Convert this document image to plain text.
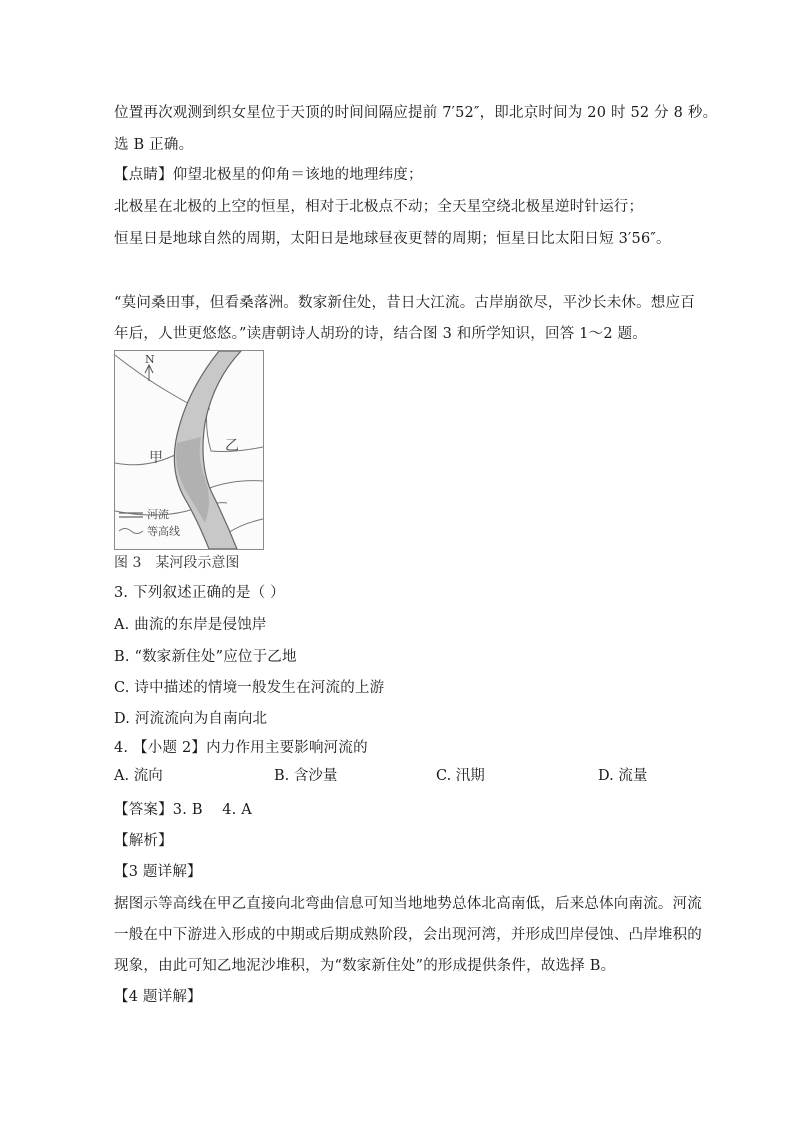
位置再次观测到织女星位于天顶的时间间隔应提前 7′52″，即北京时间为 20 时 52 分 8 秒。
选 B 正确。
【点睛】仰望北极星的仰角＝该地的地理纬度；
北极星在北极的上空的恒星，相对于北极点不动；全天星空绕北极星逆时针运行；
恒星日是地球自然的周期，太阳日是地球昼夜更替的周期；恒星日比太阳日短 3′56″。
“莫问桑田事，但看桑落洲。数家新住处，昔日大江流。古岸崩欲尽，平沙长未休。想应百
年后，人世更悠悠。”读唐朝诗人胡玢的诗，结合图 3 和所学知识，回答 1～2 题。
N
甲
乙
河流
等高线
图 3　某河段示意图
3. 下列叙述正确的是（ ）
A. 曲流的东岸是侵蚀岸
B. “数家新住处”应位于乙地
C. 诗中描述的情境一般发生在河流的上游
D. 河流流向为自南向北
4. 【小题 2】内力作用主要影响河流的
A. 流向	B. 含沙量	C. 汛期	D. 流量
【答案】3. B　 4. A
【解析】
【3 题详解】
据图示等高线在甲乙直接向北弯曲信息可知当地地势总体北高南低，后来总体向南流。河流
一般在中下游进入形成的中期或后期成熟阶段，会出现河湾，并形成凹岸侵蚀、凸岸堆积的
现象，由此可知乙地泥沙堆积，为“数家新住处”的形成提供条件，故选择 B。
【4 题详解】
